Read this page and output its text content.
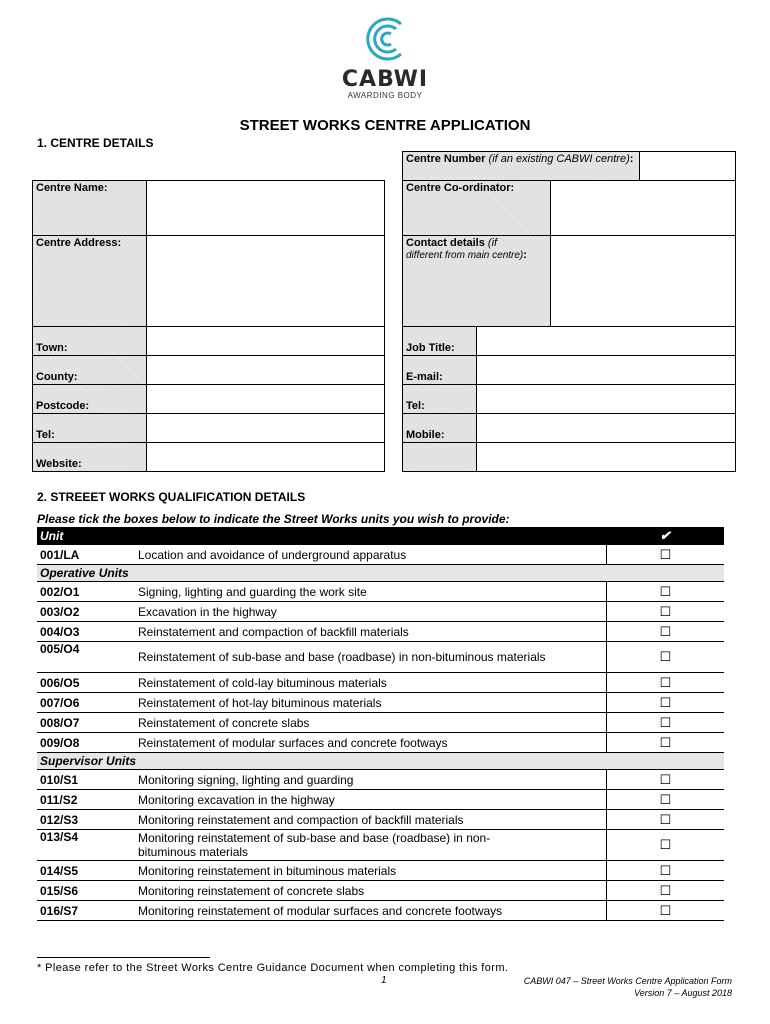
CABWI
AWARDING BODY
STREET WORKS CENTRE APPLICATION
1. CENTRE DETAILS
Centre Name:	
Centre Address:	
Town:	
County:	
Postcode:	
Tel:	
Website:	
Centre Number (if an existing CABWI centre):			
Centre Co-ordinator:			
Contact details (if
different from main centre):			
Job Title:			
E-mail:			
Tel:			
Mobile:			

2. STREEET WORKS QUALIFICATION DETAILS
Please tick the boxes below to indicate the Street Works units you wish to provide:
Unit		✔
001/LA	Location and avoidance of underground apparatus	☐
Operative Units		
002/O1	Signing, lighting and guarding the work site	☐
003/O2	Excavation in the highway	☐
004/O3	Reinstatement and compaction of backfill materials	☐
005/O4	Reinstatement of sub-base and base (roadbase) in non-bituminous materials	☐
006/O5	Reinstatement of cold-lay bituminous materials	☐
007/O6	Reinstatement of hot-lay bituminous materials	☐
008/O7	Reinstatement of concrete slabs	☐
009/O8	Reinstatement of modular surfaces and concrete footways	☐
Supervisor Units		
010/S1	Monitoring signing, lighting and guarding	☐
011/S2	Monitoring excavation in the highway	☐
012/S3	Monitoring reinstatement and compaction of backfill materials	☐
013/S4	Monitoring reinstatement of sub-base and base (roadbase) in non-bituminous materials	☐
014/S5	Monitoring reinstatement in bituminous materials	☐
015/S6	Monitoring reinstatement of concrete slabs	☐
016/S7	Monitoring reinstatement of modular surfaces and concrete footways	☐
* Please refer to the Street Works Centre Guidance Document when completing this form.
1	CABWI 047 – Street Works Centre Application Form
Version 7 – August 2018
